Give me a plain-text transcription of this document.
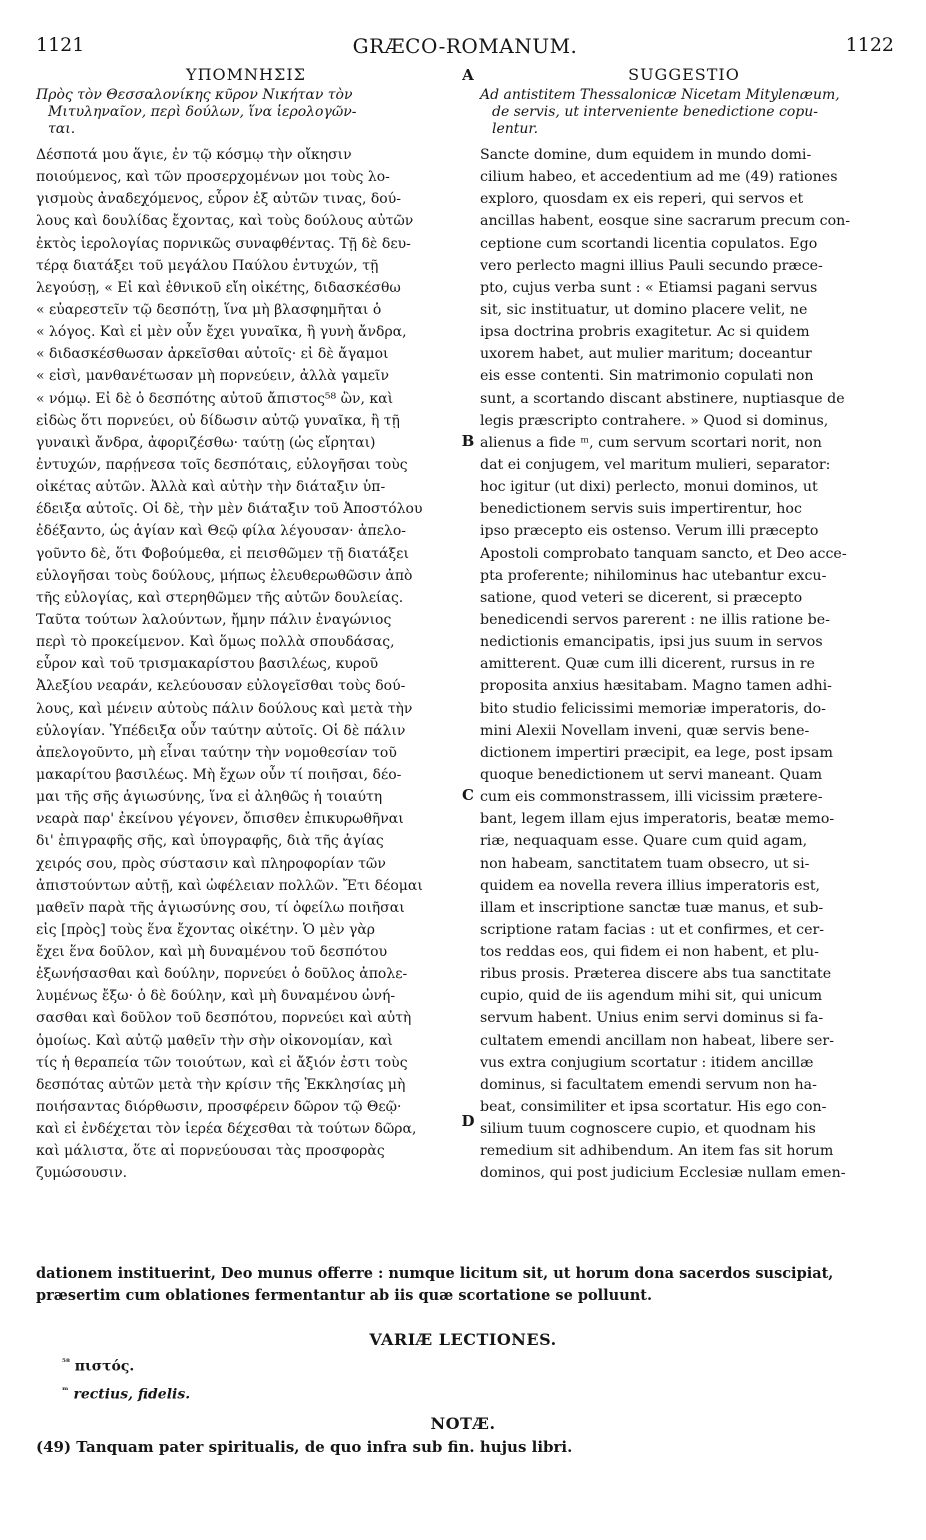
1121	GRÆCO-ROMANUM.	1122
ΥΠΟΜΝΗΣΙΣ
Πρὸς τὸν Θεσσαλονίκης κῦρον Νικήταν τὸν
Μιτυληναῖον, περὶ δούλων, ἵνα ἱερολογῶν-
ται.
Δέσποτά μου ἅγιε, ἐν τῷ κόσμῳ τὴν οἴκησιν
ποιούμενος, καὶ τῶν προσερχομένων μοι τοὺς λο-
γισμοὺς ἀναδεχόμενος, εὗρον ἐξ αὐτῶν τινας, δού-
λους καὶ δουλίδας ἔχοντας, καὶ τοὺς δούλους αὐτῶν
ἐκτὸς ἱερολογίας πορνικῶς συναφθέντας. Τῇ δὲ δευ-
τέρᾳ διατάξει τοῦ μεγάλου Παύλου ἐντυχών, τῇ
λεγούσῃ, « Εἰ καὶ ἐθνικοῦ εἴη οἰκέτης, διδασκέσθω
« εὐαρεστεῖν τῷ δεσπότῃ, ἵνα μὴ βλασφημῆται ὁ
« λόγος. Καὶ εἰ μὲν οὖν ἔχει γυναῖκα, ἢ γυνὴ ἄνδρα,
« διδασκέσθωσαν ἀρκεῖσθαι αὐτοῖς· εἰ δὲ ἄγαμοι
« εἰσὶ, μανθανέτωσαν μὴ πορνεύειν, ἀλλὰ γαμεῖν
« νόμῳ. Εἰ δὲ ὁ δεσπότης αὐτοῦ ἄπιστος⁵⁸ ὢν, καὶ
εἰδὼς ὅτι πορνεύει, οὐ δίδωσιν αὐτῷ γυναῖκα, ἢ τῇ
γυναικὶ ἄνδρα, ἀφοριζέσθω· ταύτῃ (ὡς εἴρηται)
ἐντυχών, παρῄνεσα τοῖς δεσπόταις, εὐλογῆσαι τοὺς
οἰκέτας αὐτῶν. Ἀλλὰ καὶ αὐτὴν τὴν διάταξιν ὑπ-
έδειξα αὐτοῖς. Οἱ δὲ, τὴν μὲν διάταξιν τοῦ Ἀποστόλου
ἐδέξαντο, ὡς ἁγίαν καὶ Θεῷ φίλα λέγουσαν· ἀπελο-
γοῦντο δὲ, ὅτι Φοβούμεθα, εἰ πεισθῶμεν τῇ διατάξει
εὐλογῆσαι τοὺς δούλους, μήπως ἐλευθερωθῶσιν ἀπὸ
τῆς εὐλογίας, καὶ στερηθῶμεν τῆς αὐτῶν δουλείας.
Ταῦτα τούτων λαλούντων, ἤμην πάλιν ἐναγώνιος
περὶ τὸ προκείμενον. Καὶ ὅμως πολλὰ σπουδάσας,
εὗρον καὶ τοῦ τρισμακαρίστου βασιλέως, κυροῦ
Ἀλεξίου νεαράν, κελεύουσαν εὐλογεῖσθαι τοὺς δού-
λους, καὶ μένειν αὐτοὺς πάλιν δούλους καὶ μετὰ τὴν
εὐλογίαν. Ὑπέδειξα οὖν ταύτην αὐτοῖς. Οἱ δὲ πάλιν
ἀπελογοῦντο, μὴ εἶναι ταύτην τὴν νομοθεσίαν τοῦ
μακαρίτου βασιλέως. Μὴ ἔχων οὖν τί ποιῆσαι, δέο-
μαι τῆς σῆς ἁγιωσύνης, ἵνα εἰ ἀληθῶς ἡ τοιαύτη
νεαρὰ παρ' ἐκείνου γέγονεν, ὄπισθεν ἐπικυρωθῆναι
δι' ἐπιγραφῆς σῆς, καὶ ὑπογραφῆς, διὰ τῆς ἁγίας
χειρός σου, πρὸς σύστασιν καὶ πληροφορίαν τῶν
ἀπιστούντων αὐτῇ, καὶ ὠφέλειαν πολλῶν. Ἔτι δέομαι
μαθεῖν παρὰ τῆς ἁγιωσύνης σου, τί ὀφείλω ποιῆσαι
εἰς [πρὸς] τοὺς ἕνα ἔχοντας οἰκέτην. Ὁ μὲν γὰρ
ἔχει ἕνα δοῦλον, καὶ μὴ δυναμένου τοῦ δεσπότου
ἐξωνήσασθαι καὶ δούλην, πορνεύει ὁ δοῦλος ἀπολε-
λυμένως ἔξω· ὁ δὲ δούλην, καὶ μὴ δυναμένου ὠνή-
σασθαι καὶ δοῦλον τοῦ δεσπότου, πορνεύει καὶ αὐτὴ
ὁμοίως. Καὶ αὐτῷ μαθεῖν τὴν σὴν οἰκονομίαν, καὶ
τίς ἡ θεραπεία τῶν τοιούτων, καὶ εἰ ἄξιόν ἐστι τοὺς
δεσπότας αὐτῶν μετὰ τὴν κρίσιν τῆς Ἐκκλησίας μὴ
ποιήσαντας διόρθωσιν, προσφέρειν δῶρον τῷ Θεῷ·
καὶ εἰ ἐνδέχεται τὸν ἱερέα δέχεσθαι τὰ τούτων δῶρα,
καὶ μάλιστα, ὅτε αἱ πορνεύουσαι τὰς προσφορὰς
ζυμώσουσιν.
SUGGESTIO
Ad antistitem Thessalonicæ Nicetam Mitylenæum,
de servis, ut interveniente benedictione copu-
lentur.
Sancte domine, dum equidem in mundo domi-
cilium habeo, et accedentium ad me (49) rationes
exploro, quosdam ex eis reperi, qui servos et
ancillas habent, eosque sine sacrarum precum con-
ceptione cum scortandi licentia copulatos. Ego
vero perlecto magni illius Pauli secundo præce-
pto, cujus verba sunt : « Etiamsi pagani servus
sit, sic instituatur, ut domino placere velit, ne
ipsa doctrina probris exagitetur. Ac si quidem
uxorem habet, aut mulier maritum; doceantur
eis esse contenti. Sin matrimonio copulati non
sunt, a scortando discant abstinere, nuptiasque de
legis præscripto contrahere. » Quod si dominus,
alienus a fide ᵐ, cum servum scortari norit, non
dat ei conjugem, vel maritum mulieri, separator:
hoc igitur (ut dixi) perlecto, monui dominos, ut
benedictionem servis suis impertirentur, hoc
ipso præcepto eis ostenso. Verum illi præcepto
Apostoli comprobato tanquam sancto, et Deo acce-
pta proferente; nihilominus hac utebantur excu-
satione, quod veteri se dicerent, si præcepto
benedicendi servos parerent : ne illis ratione be-
nedictionis emancipatis, ipsi jus suum in servos
amitterent. Quæ cum illi dicerent, rursus in re
proposita anxius hæsitabam. Magno tamen adhi-
bito studio felicissimi memoriæ imperatoris, do-
mini Alexii Novellam inveni, quæ servis bene-
dictionem impertiri præcipit, ea lege, post ipsam
quoque benedictionem ut servi maneant. Quam
cum eis commonstrassem, illi vicissim prætere-
bant, legem illam ejus imperatoris, beatæ memo-
riæ, nequaquam esse. Quare cum quid agam,
non habeam, sanctitatem tuam obsecro, ut si-
quidem ea novella revera illius imperatoris est,
illam et inscriptione sanctæ tuæ manus, et sub-
scriptione ratam facias : ut et confirmes, et cer-
tos reddas eos, qui fidem ei non habent, et plu-
ribus prosis. Præterea discere abs tua sanctitate
cupio, quid de iis agendum mihi sit, qui unicum
servum habent. Unius enim servi dominus si fa-
cultatem emendi ancillam non habeat, libere ser-
vus extra conjugium scortatur : itidem ancillæ
dominus, si facultatem emendi servum non ha-
beat, consimiliter et ipsa scortatur. His ego con-
silium tuum cognoscere cupio, et quodnam his
remedium sit adhibendum. An item fas sit horum
dominos, qui post judicium Ecclesiæ nullam emen-
A
B
C
D
dationem instituerint, Deo munus offerre : numque licitum sit, ut horum dona sacerdos suscipiat,
præsertim cum oblationes fermentantur ab iis quæ scortatione se polluunt.
VARIÆ LECTIONES.
$^{^{58}}$ πιστός.
$^ᵐ$ rectius, fidelis.
NOTÆ.
(49) Tanquam pater spiritualis, de quo infra sub fin. hujus libri.
